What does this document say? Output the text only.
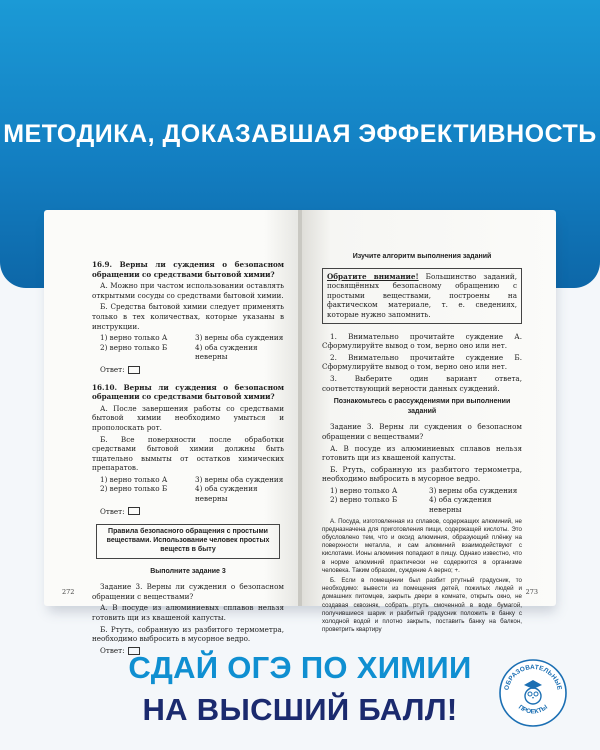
МЕТОДИКА, ДОКАЗАВШАЯ ЭФФЕКТИВНОСТЬ
16.9. Верны ли суждения о безопасном обращении со средствами бытовой химии?
А. Можно при частом использовании оставлять открытыми сосуды со средствами бытовой химии.
Б. Средства бытовой химии следует применять только в тех количествах, которые указаны в инструкции.
1) верно только А	3) верны оба суждения
2) верно только Б	4) оба суждения неверны
Ответ:
16.10. Верны ли суждения о безопасном обращении со средствами бытовой химии?
А. После завершения работы со средствами бытовой химии необходимо умыться и прополоскать рот.
Б. Все поверхности после обработки средствами бытовой химии должны быть тщательно вымыты от остатков химических препаратов.
1) верно только А	3) верны оба суждения
2) верно только Б	4) оба суждения неверны
Ответ:
Правила безопасного обращения с простыми веществами. Использование человек простых веществ в быту
Выполните задание 3
Задание 3. Верны ли суждения о безопасном обращении с веществами?
А. В посуде из алюминиевых сплавов нельзя готовить щи из квашеной капусты.
Б. Ртуть, собранную из разбитого термометра, необходимо выбросить в мусорное ведро.
Ответ:
272
Изучите алгоритм выполнения заданий
Обратите внимание! Большинство заданий, посвящённых безопасному обращению с простыми веществами, построены на фактическом материале, т. е. сведениях, которые нужно запомнить.
1. Внимательно прочитайте суждение А. Сформулируйте вывод о том, верно оно или нет.
2. Внимательно прочитайте суждение Б. Сформулируйте вывод о том, верно оно или нет.
3. Выберите один вариант ответа, соответствующий верности данных суждений.
Познакомьтесь с рассуждениями при выполнении заданий
Задание 3. Верны ли суждения о безопасном обращении с веществами?
А. В посуде из алюминиевых сплавов нельзя готовить щи из квашеной капусты.
Б. Ртуть, собранную из разбитого термометра, необходимо выбросить в мусорное ведро.
1) верно только А	3) верны оба суждения
2) верно только Б	4) оба суждения неверны
А. Посуда, изготовленная из сплавов, содержащих алюминий, не предназначена для приготовления пищи, содержащей кислоты. Это обусловлено тем, что и оксид алюминия, образующий плёнку на поверхности металла, и сам алюминий взаимодействуют с кислотами. Ионы алюминия попадают в пищу. Однако известно, что в норме алюминий практически не содержится в организме человека. Таким образом, суждение А верно; +.
Б. Если в помещении был разбит ртутный градусник, то необходимо: вывести из помещения детей, пожилых людей и домашних питомцев, закрыть двери в комнате, открыть окно, не создавая сквозняк, собрать ртуть смоченной в воде бумагой, получившиеся шарик и разбитый градусник положить в банку с холодной водой и плотно закрыть, поставить банку на балкон, проветрить квартиру
273
СДАЙ ОГЭ ПО ХИМИИ
НА ВЫСШИЙ БАЛЛ!
ОБРАЗОВАТЕЛЬНЫЕ
ПРОЕКТЫ
